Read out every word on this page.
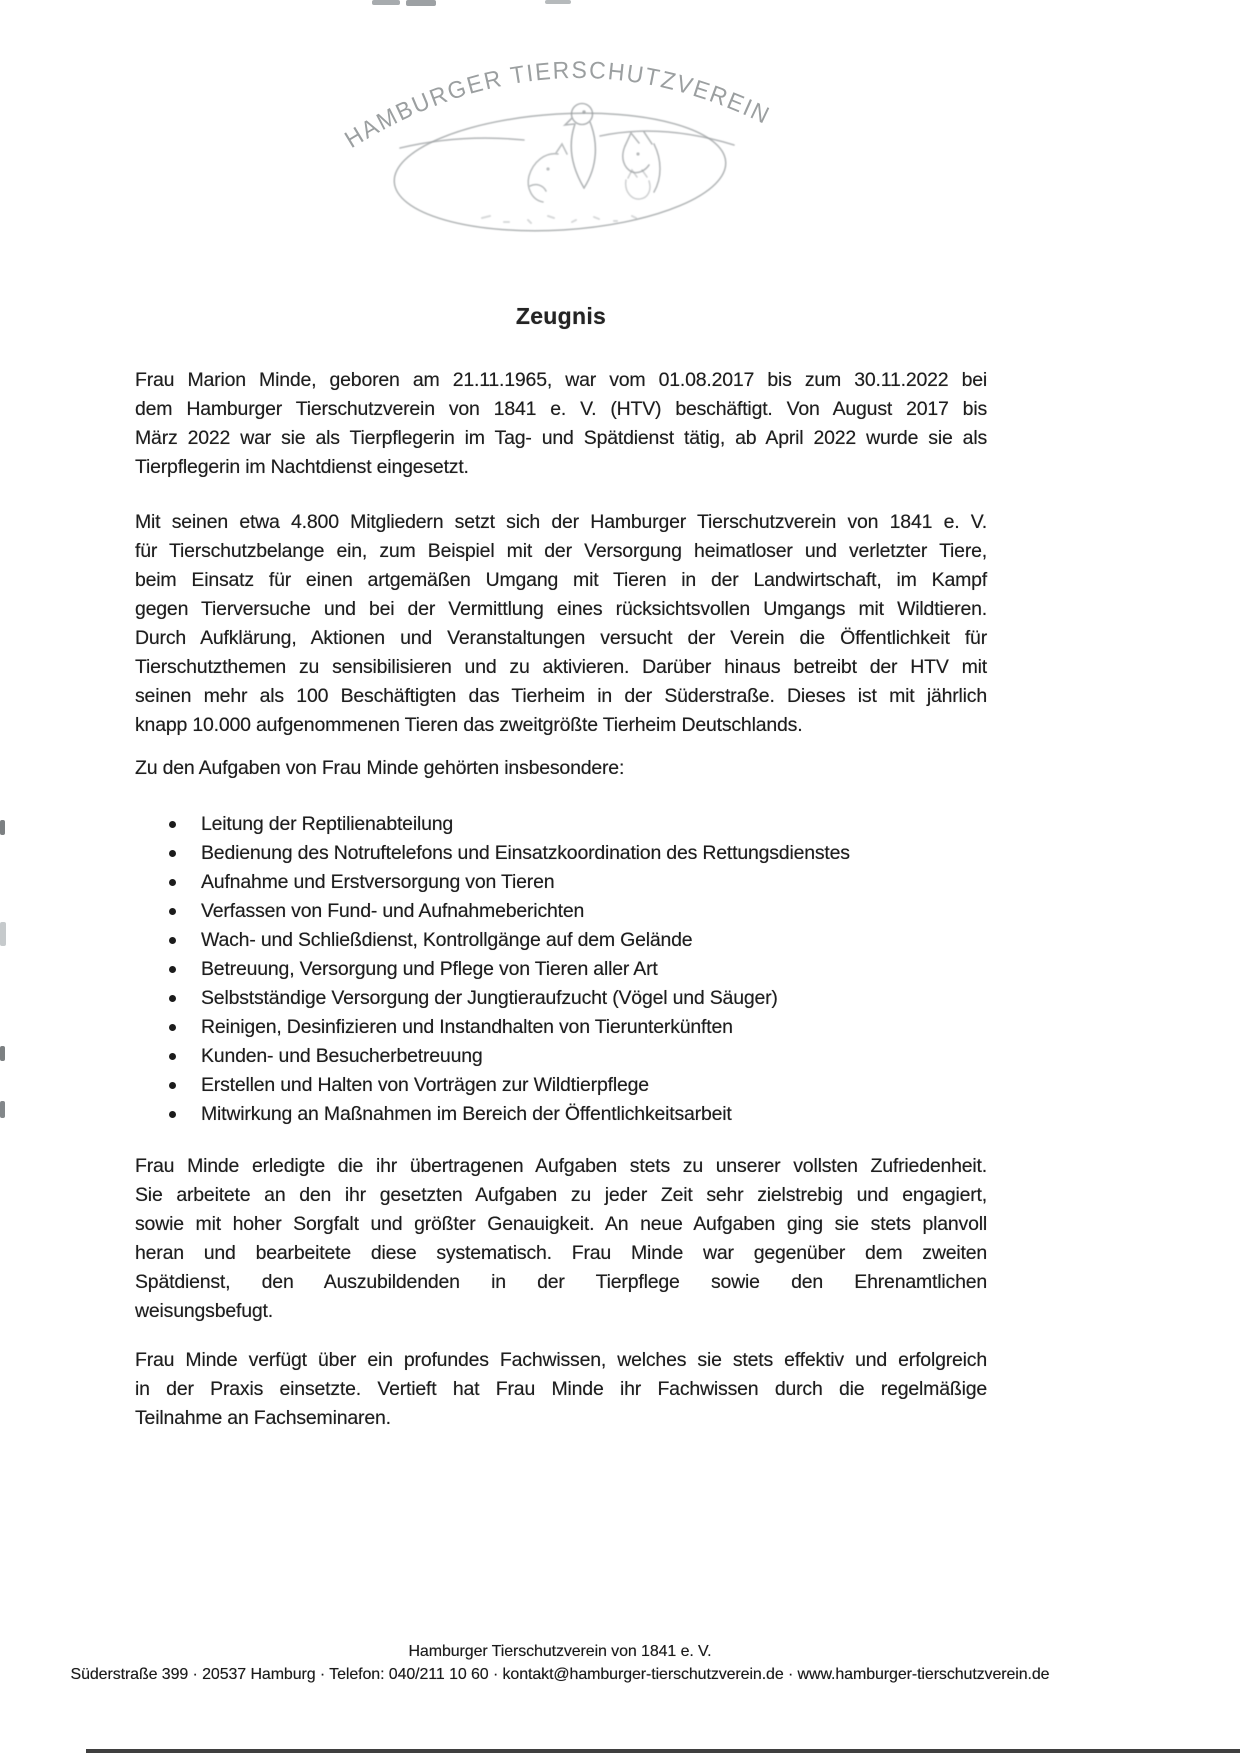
HAMBURGER TIERSCHUTZVEREIN
Zeugnis
Frau Marion Minde, geboren am 21.11.1965, war vom 01.08.2017 bis zum 30.11.2022 bei
dem Hamburger Tierschutzverein von 1841 e. V. (HTV) beschäftigt. Von August 2017 bis
März 2022 war sie als Tierpflegerin im Tag- und Spätdienst tätig, ab April 2022 wurde sie als
Tierpflegerin im Nachtdienst eingesetzt.
Mit seinen etwa 4.800 Mitgliedern setzt sich der Hamburger Tierschutzverein von 1841 e. V.
für Tierschutzbelange ein, zum Beispiel mit der Versorgung heimatloser und verletzter Tiere,
beim Einsatz für einen artgemäßen Umgang mit Tieren in der Landwirtschaft, im Kampf
gegen Tierversuche und bei der Vermittlung eines rücksichtsvollen Umgangs mit Wildtieren.
Durch Aufklärung, Aktionen und Veranstaltungen versucht der Verein die Öffentlichkeit für
Tierschutzthemen zu sensibilisieren und zu aktivieren. Darüber hinaus betreibt der HTV mit
seinen mehr als 100 Beschäftigten das Tierheim in der Süderstraße. Dieses ist mit jährlich
knapp 10.000 aufgenommenen Tieren das zweitgrößte Tierheim Deutschlands.
Zu den Aufgaben von Frau Minde gehörten insbesondere:
Leitung der Reptilienabteilung
Bedienung des Notruftelefons und Einsatzkoordination des Rettungsdienstes
Aufnahme und Erstversorgung von Tieren
Verfassen von Fund- und Aufnahmeberichten
Wach- und Schließdienst, Kontrollgänge auf dem Gelände
Betreuung, Versorgung und Pflege von Tieren aller Art
Selbstständige Versorgung der Jungtieraufzucht (Vögel und Säuger)
Reinigen, Desinfizieren und Instandhalten von Tierunterkünften
Kunden- und Besucherbetreuung
Erstellen und Halten von Vorträgen zur Wildtierpflege
Mitwirkung an Maßnahmen im Bereich der Öffentlichkeitsarbeit
Frau Minde erledigte die ihr übertragenen Aufgaben stets zu unserer vollsten Zufriedenheit.
Sie arbeitete an den ihr gesetzten Aufgaben zu jeder Zeit sehr zielstrebig und engagiert,
sowie mit hoher Sorgfalt und größter Genauigkeit. An neue Aufgaben ging sie stets planvoll
heran und bearbeitete diese systematisch. Frau Minde war gegenüber dem zweiten
Spätdienst, den Auszubildenden in der Tierpflege sowie den Ehrenamtlichen
weisungsbefugt.
Frau Minde verfügt über ein profundes Fachwissen, welches sie stets effektiv und erfolgreich
in der Praxis einsetzte. Vertieft hat Frau Minde ihr Fachwissen durch die regelmäßige
Teilnahme an Fachseminaren.
Hamburger Tierschutzverein von 1841 e. V.
Süderstraße 399 · 20537 Hamburg · Telefon: 040/211 10 60 · kontakt@hamburger-tierschutzverein.de · www.hamburger-tierschutzverein.de
